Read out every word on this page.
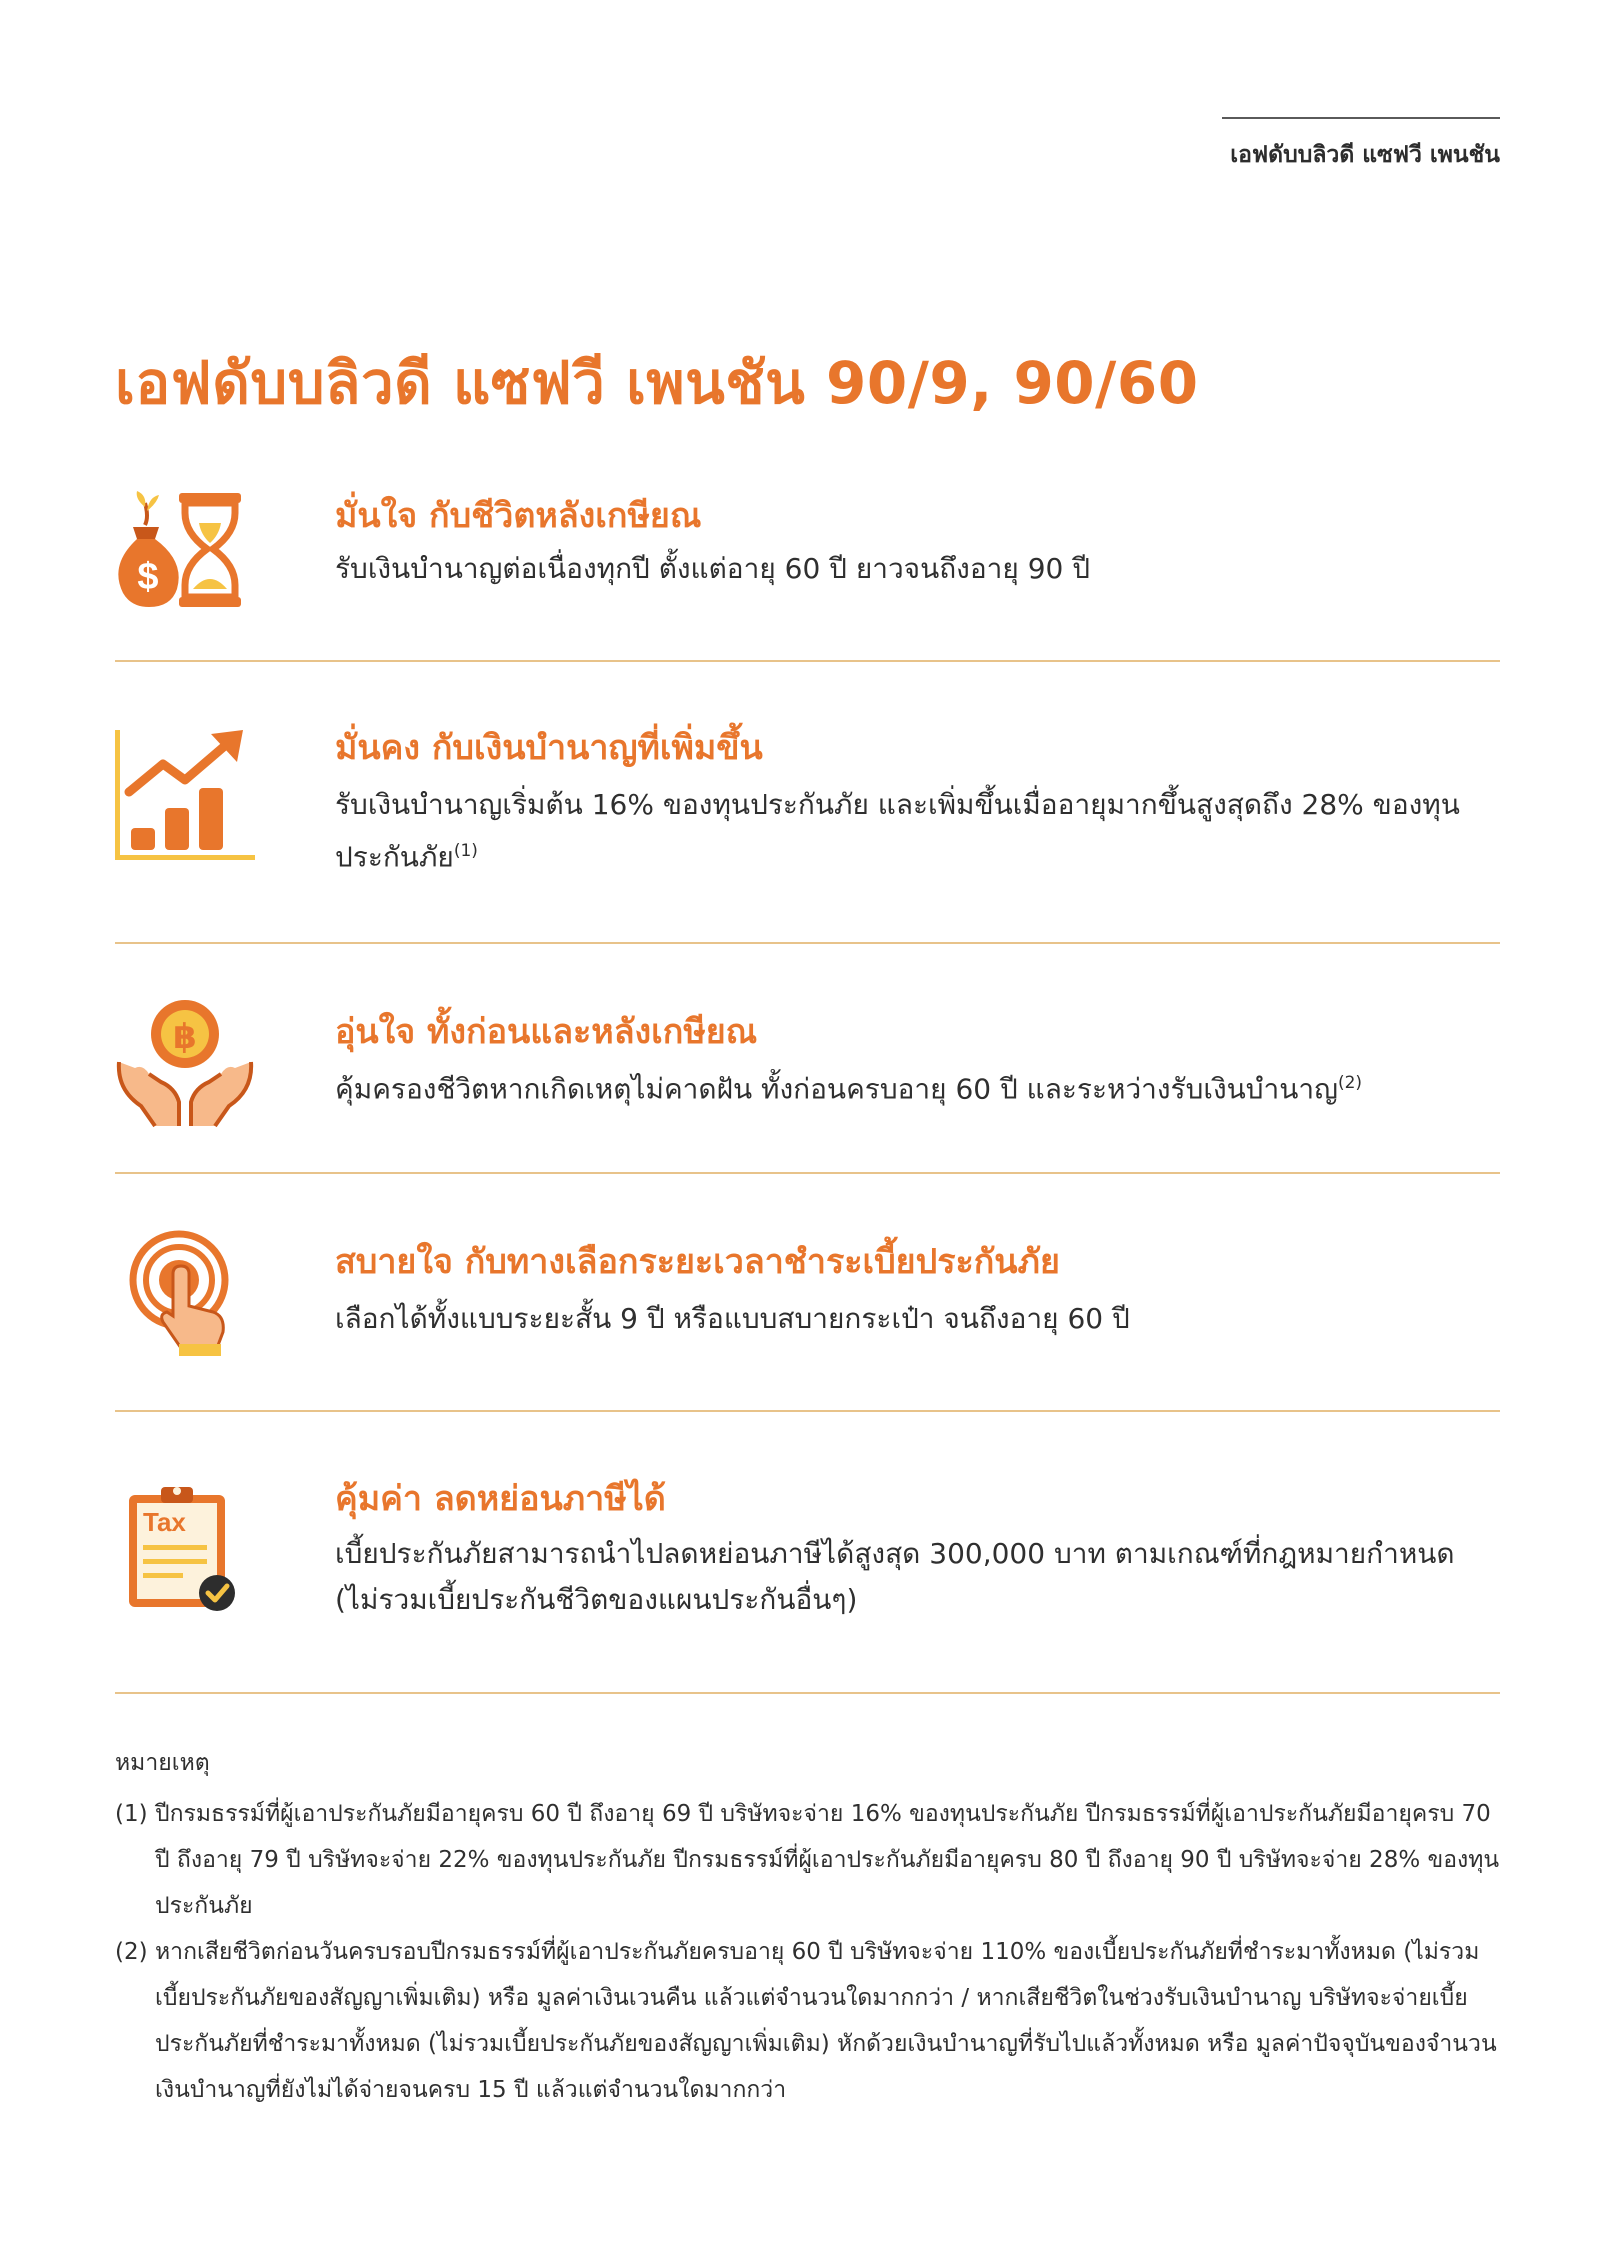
เอฟดับบลิวดี แซฟวี เพนชัน
เอฟดับบลิวดี แซฟวี เพนชัน 90/9, 90/60
$
มั่นใจ กับชีวิตหลังเกษียณ
รับเงินบำนาญต่อเนื่องทุกปี ตั้งแต่อายุ 60 ปี ยาวจนถึงอายุ 90 ปี
มั่นคง กับเงินบำนาญที่เพิ่มขึ้น
รับเงินบำนาญเริ่มต้น 16% ของทุนประกันภัย และเพิ่มขึ้นเมื่ออายุมากขึ้นสูงสุดถึง 28% ของทุนประกันภัย$^{(1)}$
฿	อุ่นใจ ทั้งก่อนและหลังเกษียณ
คุ้มครองชีวิตหากเกิดเหตุไม่คาดฝัน ทั้งก่อนครบอายุ 60 ปี และระหว่างรับเงินบำนาญ$^{(2)}$
สบายใจ กับทางเลือกระยะเวลาชำระเบี้ยประกันภัย
เลือกได้ทั้งแบบระยะสั้น 9 ปี หรือแบบสบายกระเป๋า จนถึงอายุ 60 ปี
Tax
คุ้มค่า ลดหย่อนภาษีได้
เบี้ยประกันภัยสามารถนำไปลดหย่อนภาษีได้สูงสุด 300,000 บาท ตามเกณฑ์ที่กฎหมายกำหนด (ไม่รวมเบี้ยประกันชีวิตของแผนประกันอื่นๆ)
หมายเหตุ
(1) ปีกรมธรรม์ที่ผู้เอาประกันภัยมีอายุครบ 60 ปี ถึงอายุ 69 ปี บริษัทจะจ่าย 16% ของทุนประกันภัย ปีกรมธรรม์ที่ผู้เอาประกันภัยมีอายุครบ 70 ปี ถึงอายุ 79 ปี บริษัทจะจ่าย 22% ของทุนประกันภัย ปีกรมธรรม์ที่ผู้เอาประกันภัยมีอายุครบ 80 ปี ถึงอายุ 90 ปี บริษัทจะจ่าย 28% ของทุนประกันภัย
(2) หากเสียชีวิตก่อนวันครบรอบปีกรมธรรม์ที่ผู้เอาประกันภัยครบอายุ 60 ปี บริษัทจะจ่าย 110% ของเบี้ยประกันภัยที่ชำระมาทั้งหมด (ไม่รวมเบี้ยประกันภัยของสัญญาเพิ่มเติม) หรือ มูลค่าเงินเวนคืน แล้วแต่จำนวนใดมากกว่า / หากเสียชีวิตในช่วงรับเงินบำนาญ บริษัทจะจ่ายเบี้ยประกันภัยที่ชำระมาทั้งหมด (ไม่รวมเบี้ยประกันภัยของสัญญาเพิ่มเติม) หักด้วยเงินบำนาญที่รับไปแล้วทั้งหมด หรือ มูลค่าปัจจุบันของจำนวนเงินบำนาญที่ยังไม่ได้จ่ายจนครบ 15 ปี แล้วแต่จำนวนใดมากกว่า
